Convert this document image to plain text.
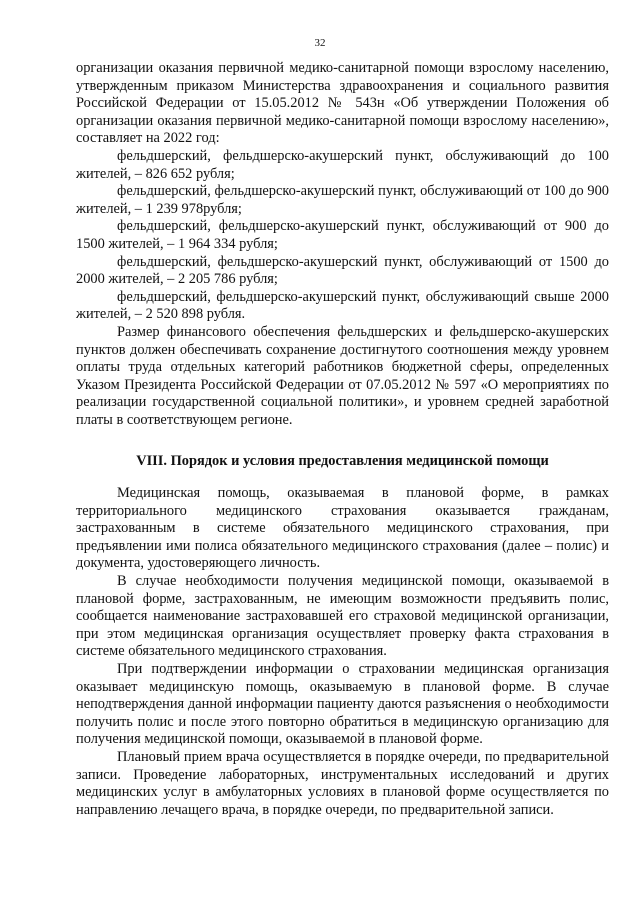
32

организации оказания первичной медико-санитарной помощи взрослому населению, утвержденным приказом Министерства здравоохранения и социального развития Российской Федерации от 15.05.2012 № 543н «Об утверждении Положения об организации оказания первичной медико-санитарной помощи взрослому населению», составляет на 2022 год:

фельдшерский, фельдшерско-акушерский пункт, обслуживающий до 100 жителей, – 826 652 рубля;

фельдшерский, фельдшерско-акушерский пункт, обслуживающий от 100 до 900 жителей, – 1 239 978рубля;

фельдшерский, фельдшерско-акушерский пункт, обслуживающий от 900 до 1500 жителей, – 1 964 334 рубля;

фельдшерский, фельдшерско-акушерский пункт, обслуживающий от 1500 до 2000 жителей, – 2 205 786 рубля;

фельдшерский, фельдшерско-акушерский пункт, обслуживающий свыше 2000 жителей, – 2 520 898 рубля.

Размер финансового обеспечения фельдшерских и фельдшерско-акушерских пунктов должен обеспечивать сохранение достигнутого соотношения между уровнем оплаты труда отдельных категорий работников бюджетной сферы, определенных Указом Президента Российской Федерации от 07.05.2012 № 597 «О мероприятиях по реализации государственной социальной политики», и уровнем средней заработной платы в соответствующем регионе.

VIII. Порядок и условия предоставления медицинской помощи

Медицинская помощь, оказываемая в плановой форме, в рамках территориального медицинского страхования оказывается гражданам, застрахованным в системе обязательного медицинского страхования, при предъявлении ими полиса обязательного медицинского страхования (далее – полис) и документа, удостоверяющего личность.

В случае необходимости получения медицинской помощи, оказываемой в плановой форме, застрахованным, не имеющим возможности предъявить полис, сообщается наименование застраховавшей его страховой медицинской организации, при этом медицинская организация осуществляет проверку факта страхования в системе обязательного медицинского страхования.

При подтверждении информации о страховании медицинская организация оказывает медицинскую помощь, оказываемую в плановой форме. В случае неподтверждения данной информации пациенту даются разъяснения о необходимости получить полис и после этого повторно обратиться в медицинскую организацию для получения медицинской помощи, оказываемой в плановой форме.

Плановый прием врача осуществляется в порядке очереди, по предварительной записи. Проведение лабораторных, инструментальных исследований и других медицинских услуг в амбулаторных условиях в плановой форме осуществляется по направлению лечащего врача, в порядке очереди, по предварительной записи.
